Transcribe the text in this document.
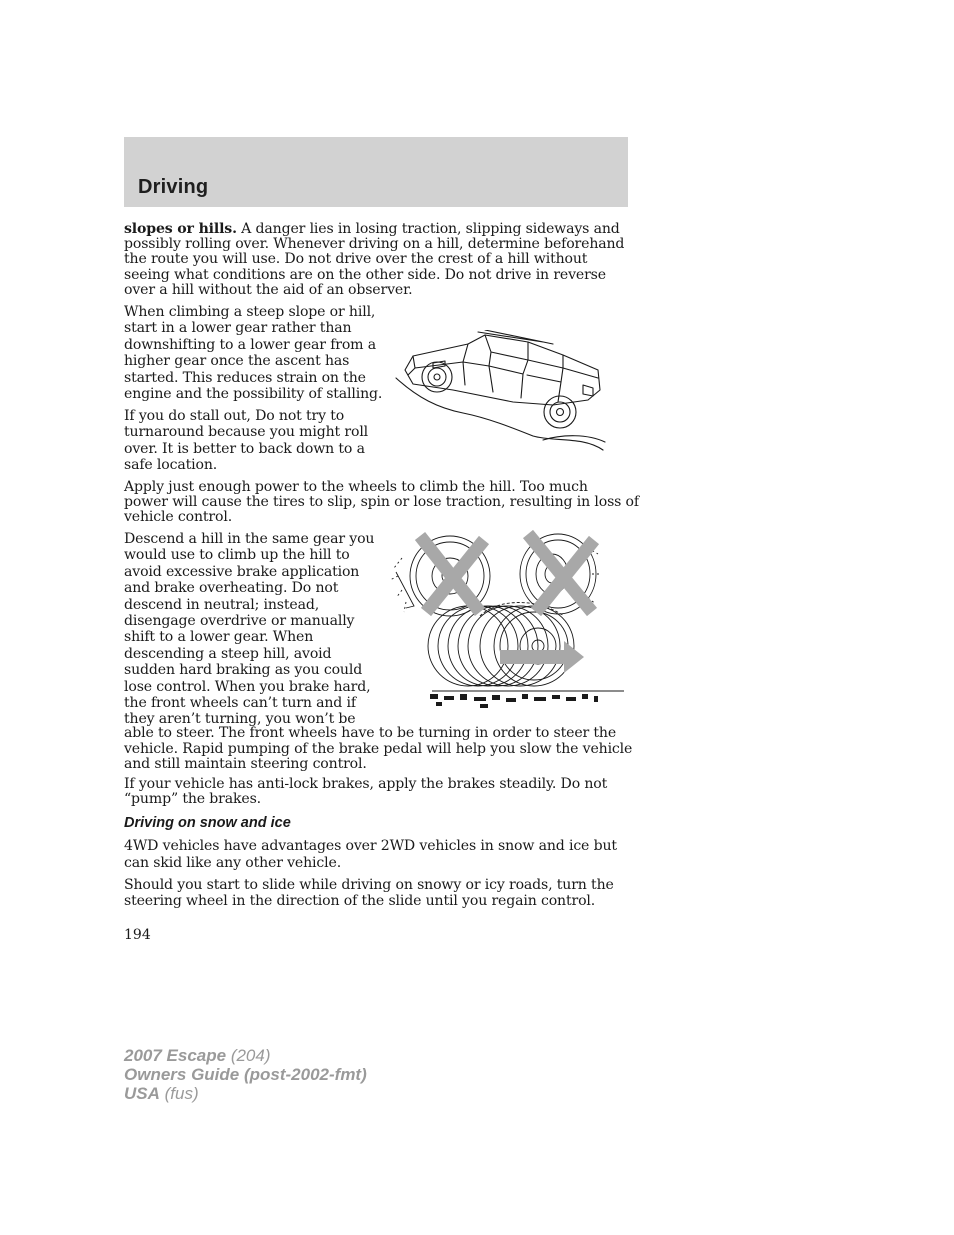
Driving
slopes or hills. A danger lies in losing traction, slipping sideways and
possibly rolling over. Whenever driving on a hill, determine beforehand
the route you will use. Do not drive over the crest of a hill without
seeing what conditions are on the other side. Do not drive in reverse
over a hill without the aid of an observer.
When climbing a steep slope or hill,
start in a lower gear rather than
downshifting to a lower gear from a
higher gear once the ascent has
started. This reduces strain on the
engine and the possibility of stalling.
If you do stall out, Do not try to
turnaround because you might roll
over. It is better to back down to a
safe location.
Apply just enough power to the wheels to climb the hill. Too much
power will cause the tires to slip, spin or lose traction, resulting in loss of
vehicle control.
Descend a hill in the same gear you
would use to climb up the hill to
avoid excessive brake application
and brake overheating. Do not
descend in neutral; instead,
disengage overdrive or manually
shift to a lower gear. When
descending a steep hill, avoid
sudden hard braking as you could
lose control. When you brake hard,
the front wheels can’t turn and if
they aren’t turning, you won’t be
able to steer. The front wheels have to be turning in order to steer the
vehicle. Rapid pumping of the brake pedal will help you slow the vehicle
and still maintain steering control.
If your vehicle has anti-lock brakes, apply the brakes steadily. Do not
“pump” the brakes.
Driving on snow and ice
4WD vehicles have advantages over 2WD vehicles in snow and ice but
can skid like any other vehicle.
Should you start to slide while driving on snowy or icy roads, turn the
steering wheel in the direction of the slide until you regain control.
194
2007 Escape (204)
Owners Guide (post-2002-fmt)
USA (fus)
